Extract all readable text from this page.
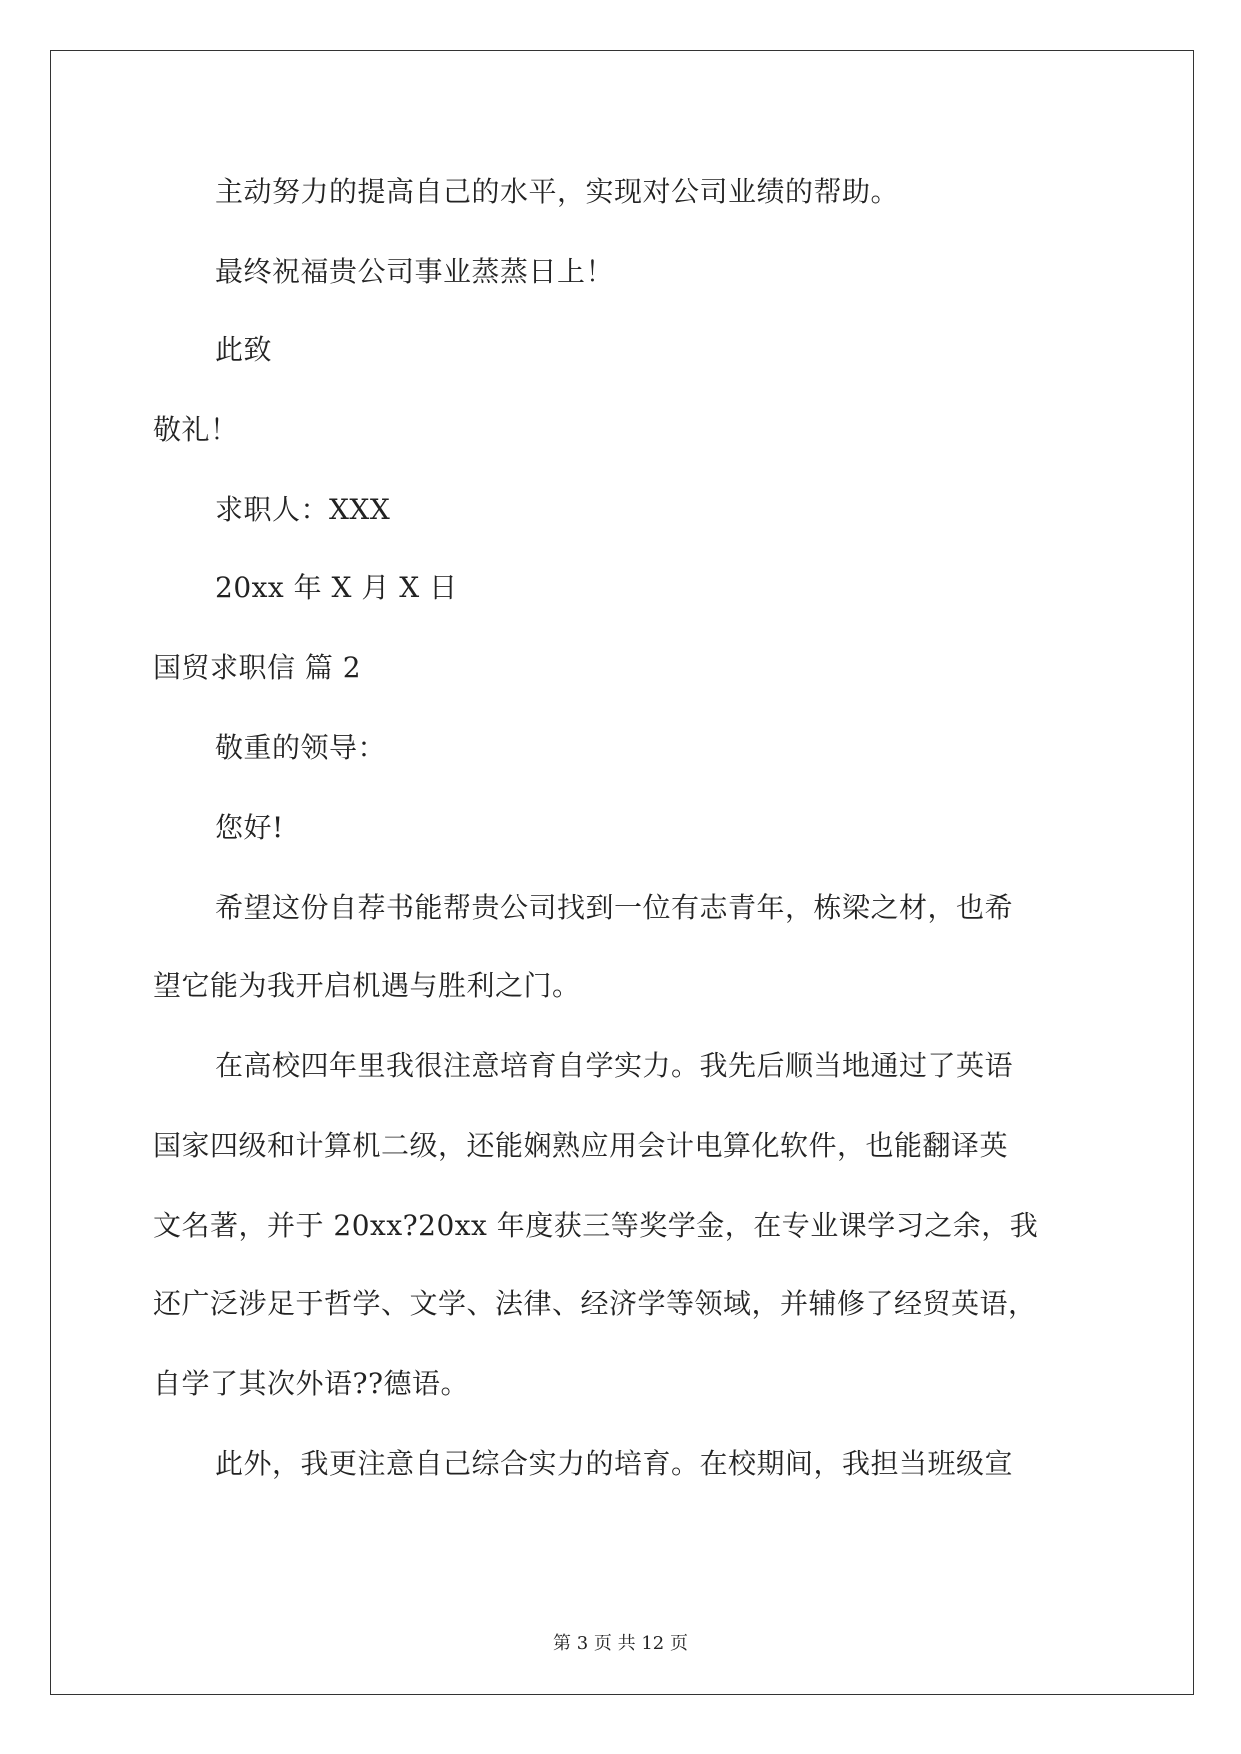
主动努力的提高自己的水平，实现对公司业绩的帮助。
最终祝福贵公司事业蒸蒸日上！
此致
敬礼！
求职人：XXX
20xx 年 X 月 X 日
国贸求职信 篇 2
敬重的领导：
您好!
希望这份自荐书能帮贵公司找到一位有志青年，栋梁之材，也希
望它能为我开启机遇与胜利之门。
在高校四年里我很注意培育自学实力。我先后顺当地通过了英语
国家四级和计算机二级，还能娴熟应用会计电算化软件，也能翻译英
文名著，并于 20xx?20xx 年度获三等奖学金，在专业课学习之余，我
还广泛涉足于哲学、文学、法律、经济学等领域，并辅修了经贸英语，
自学了其次外语??德语。
此外，我更注意自己综合实力的培育。在校期间，我担当班级宣
第 3 页 共 12 页
